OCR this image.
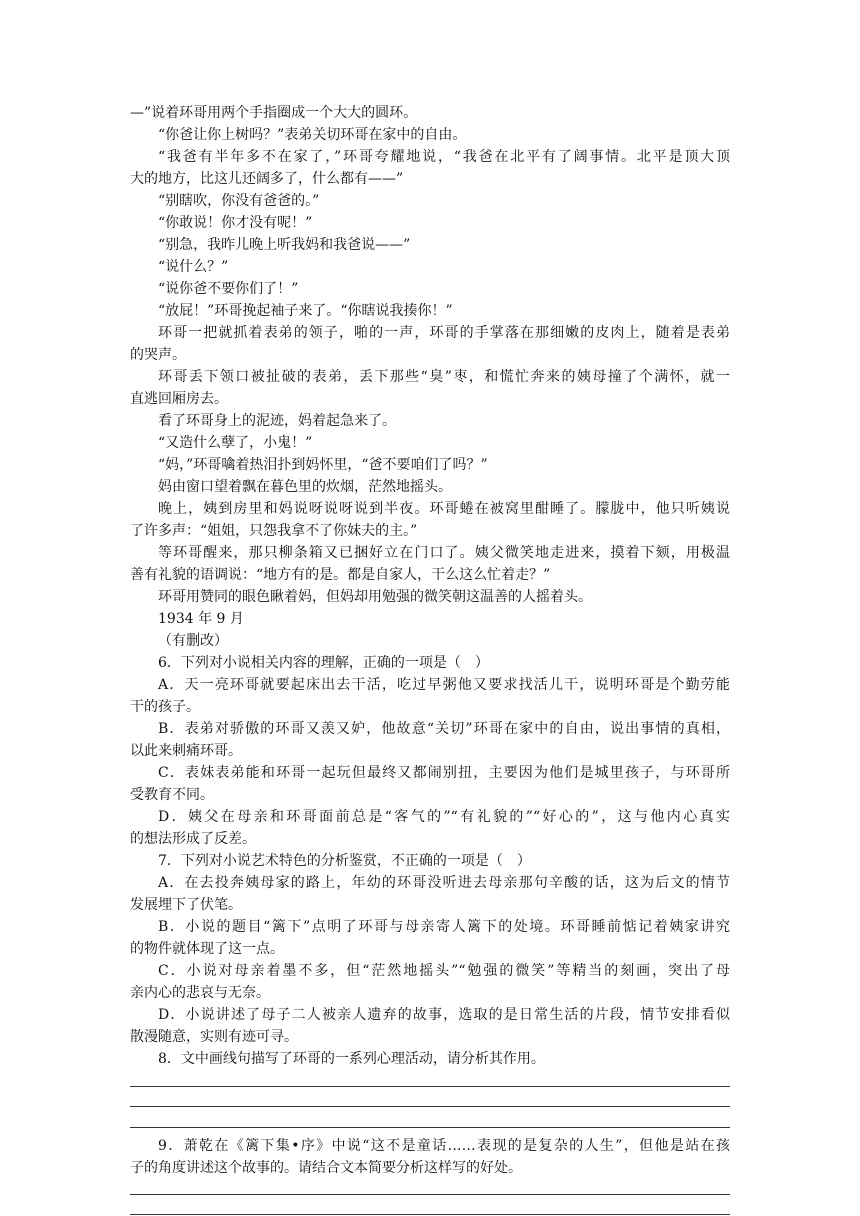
—”说着环哥用两个手指圈成一个大大的圆环。
“你爸让你上树吗？”表弟关切环哥在家中的自由。
“我爸有半年多不在家了，”环哥夸耀地说，“我爸在北平有了阔事情。北平是顶大顶
大的地方，比这儿还阔多了，什么都有——”
“别瞎吹，你没有爸爸的。”
“你敢说！你才没有呢！”
“别急，我昨儿晚上听我妈和我爸说——”
“说什么？”
“说你爸不要你们了！”
“放屁！”环哥挽起袖子来了。“你瞎说我揍你！”
环哥一把就抓着表弟的领子，啪的一声，环哥的手掌落在那细嫩的皮肉上，随着是表弟
的哭声。
环哥丢下领口被扯破的表弟，丢下那些“臭”枣，和慌忙奔来的姨母撞了个满怀，就一
直逃回厢房去。
看了环哥身上的泥迹，妈着起急来了。
“又造什么孽了，小鬼！”
“妈，”环哥噙着热泪扑到妈怀里，“爸不要咱们了吗？”
妈由窗口望着飘在暮色里的炊烟，茫然地摇头。
晚上，姨到房里和妈说呀说呀说到半夜。环哥蜷在被窝里酣睡了。朦胧中，他只听姨说
了许多声：“姐姐，只怨我拿不了你妹夫的主。”
等环哥醒来，那只柳条箱又已捆好立在门口了。姨父微笑地走进来，摸着下颏，用极温
善有礼貌的语调说：“地方有的是。都是自家人，干么这么忙着走？”
环哥用赞同的眼色瞅着妈，但妈却用勉强的微笑朝这温善的人摇着头。
1934 年 9 月
（有删改）
6．下列对小说相关内容的理解，正确的一项是（　）
A．天一亮环哥就要起床出去干活，吃过早粥他又要求找活儿干，说明环哥是个勤劳能
干的孩子。
B．表弟对骄傲的环哥又羡又妒，他故意“关切”环哥在家中的自由，说出事情的真相，
以此来刺痛环哥。
C．表妹表弟能和环哥一起玩但最终又都闹别扭，主要因为他们是城里孩子，与环哥所
受教育不同。
D．姨父在母亲和环哥面前总是“客气的”“有礼貌的”“好心的”，这与他内心真实
的想法形成了反差。
7．下列对小说艺术特色的分析鉴赏，不正确的一项是（　）
A．在去投奔姨母家的路上，年幼的环哥没听进去母亲那句辛酸的话，这为后文的情节
发展埋下了伏笔。
B．小说的题目“篱下”点明了环哥与母亲寄人篱下的处境。环哥睡前惦记着姨家讲究
的物件就体现了这一点。
C．小说对母亲着墨不多，但“茫然地摇头”“勉强的微笑”等精当的刻画，突出了母
亲内心的悲哀与无奈。
D．小说讲述了母子二人被亲人遗弃的故事，选取的是日常生活的片段，情节安排看似
散漫随意，实则有迹可寻。
8．文中画线句描写了环哥的一系列心理活动，请分析其作用。
9．萧乾在《篱下集•序》中说“这不是童话……表现的是复杂的人生”，但他是站在孩
子的角度讲述这个故事的。请结合文本简要分析这样写的好处。
